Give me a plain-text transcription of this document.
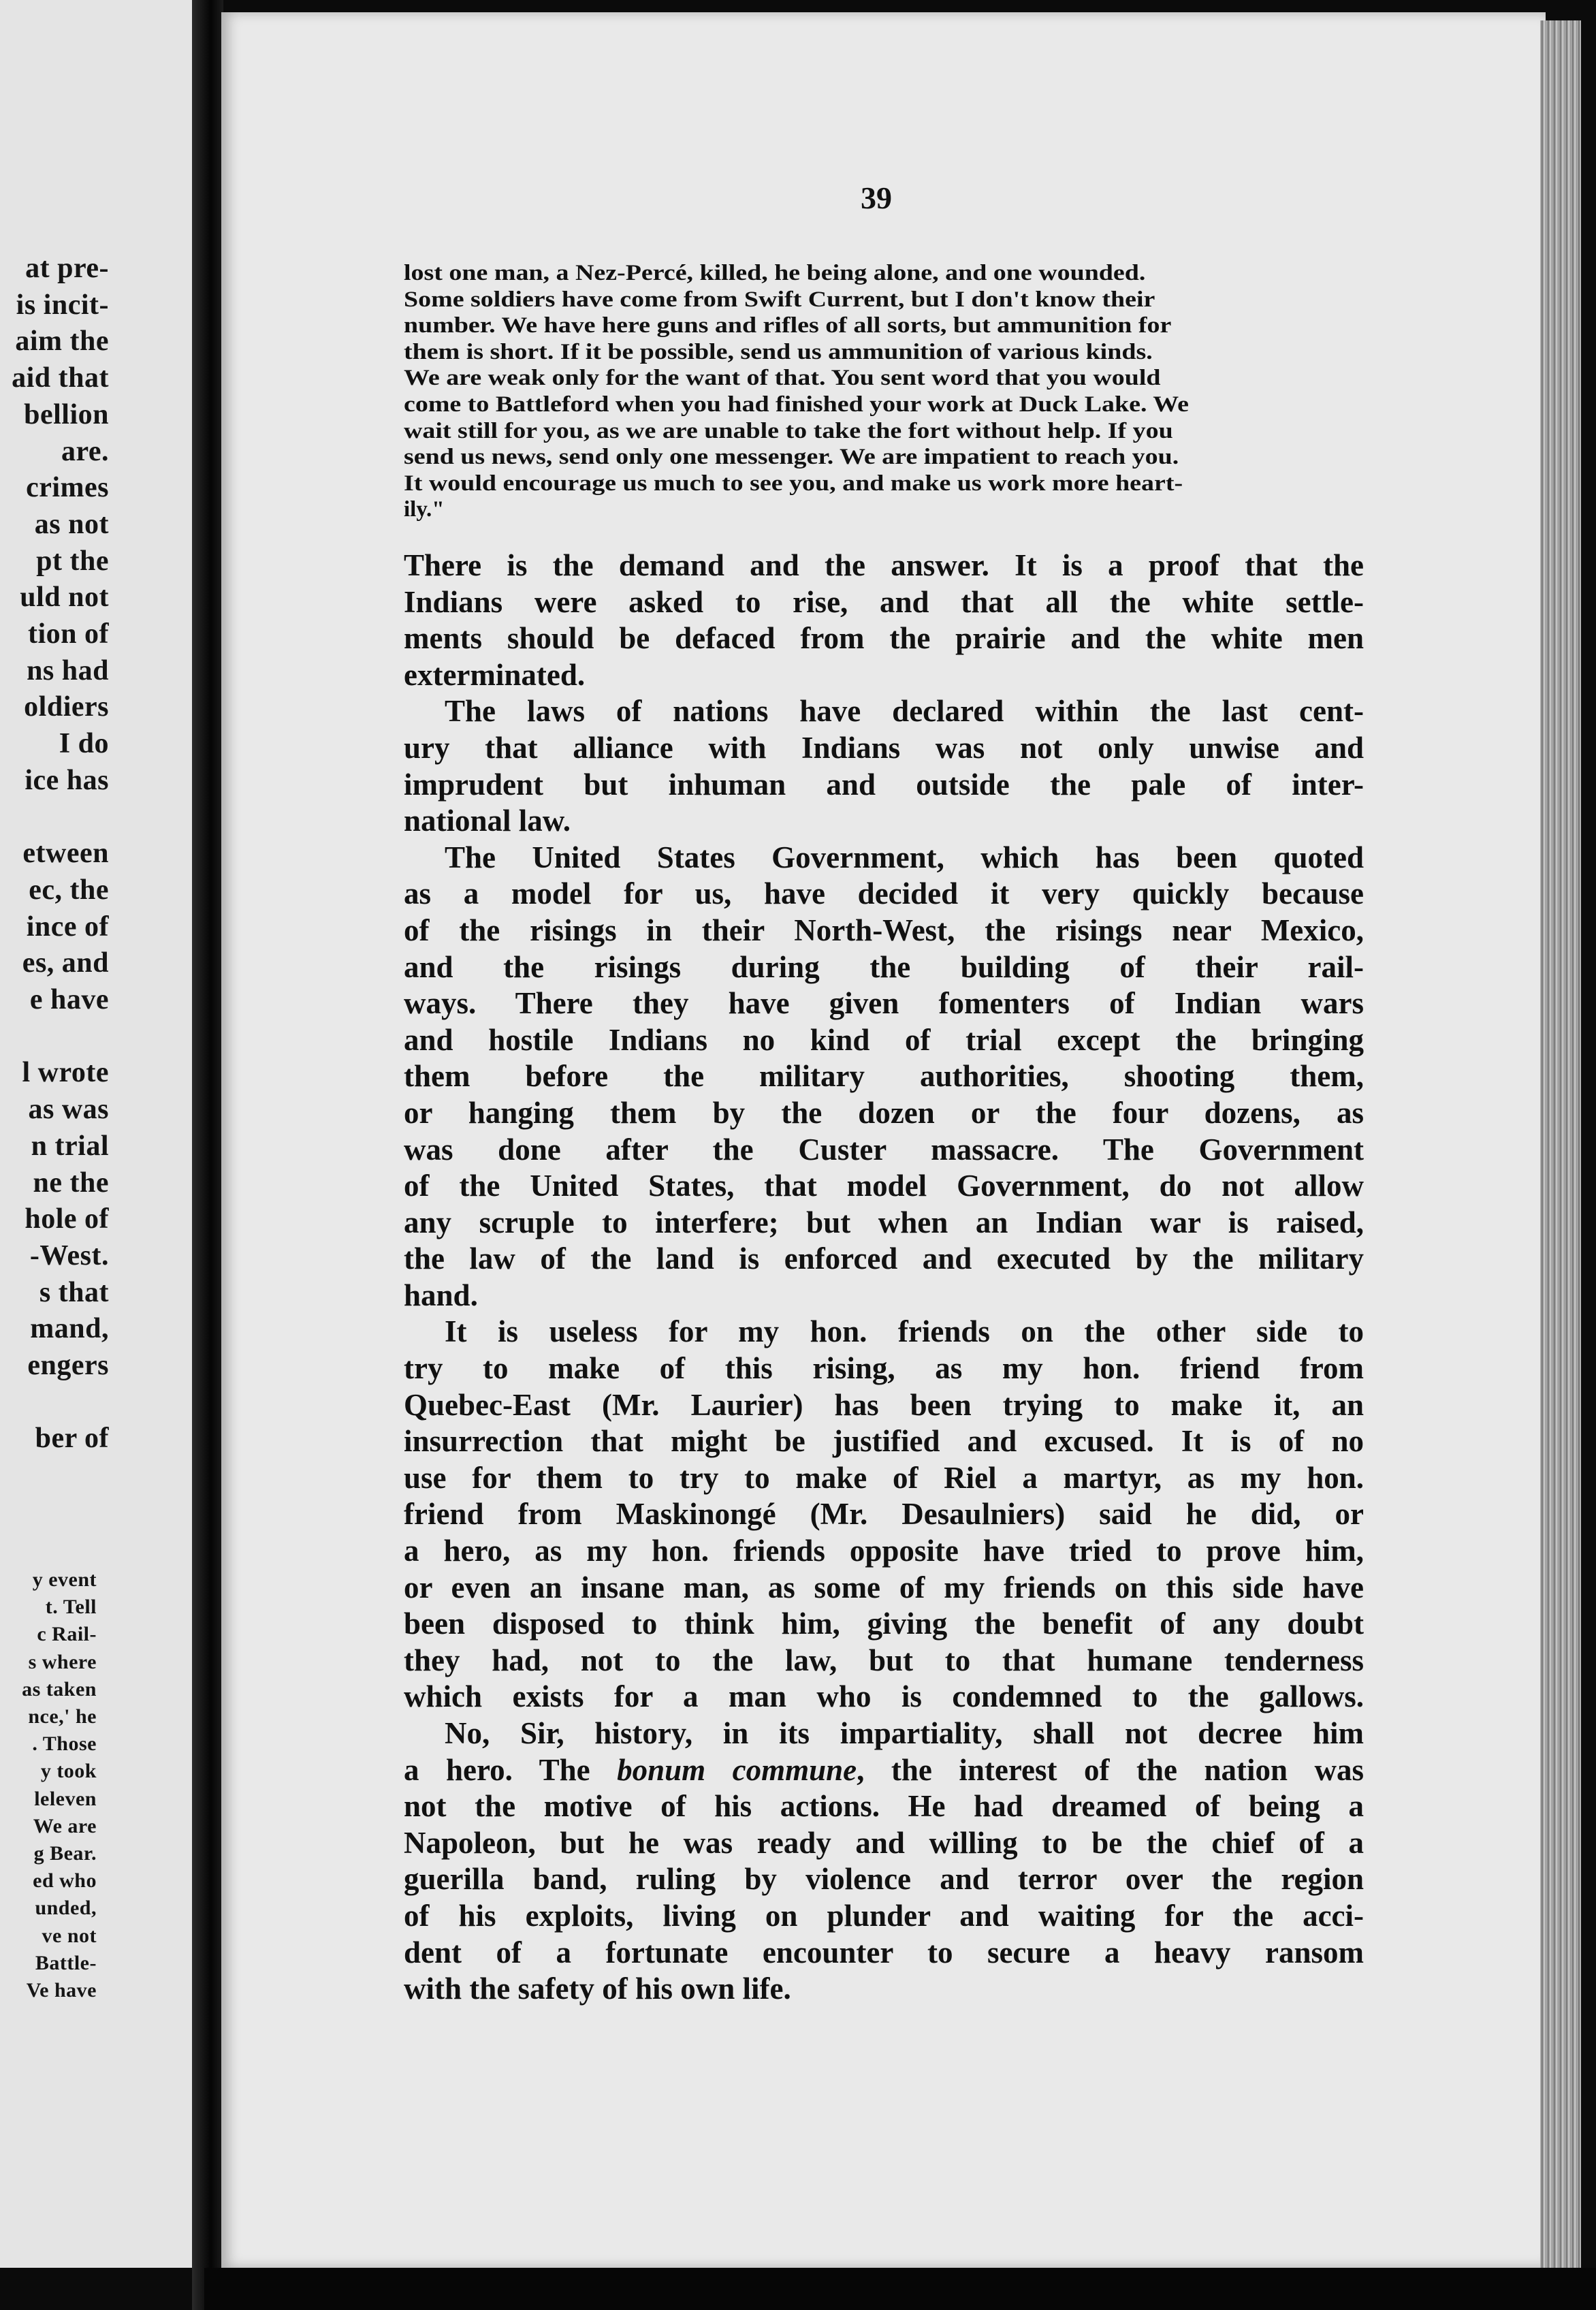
at pre-
is incit-
aim the
aid that
bellion
are.
crimes
as not
pt the
uld not
tion of
ns had
oldiers
I do
ice has
etween
ec, the
ince of
es, and
e have
l wrote
as was
n trial
ne the
hole of
-West.
s that
mand,
engers
ber of
y event
t. Tell
c Rail-
s where
as taken
nce,' he
. Those
y took
leleven
We are
g Bear.
ed who
unded,
ve not
Battle-
Ve have
39
lost one man, a Nez-Percé, killed, he being alone, and one wounded.
Some soldiers have come from Swift Current, but I don't know their
number. We have here guns and rifles of all sorts, but ammunition for
them is short. If it be possible, send us ammunition of various kinds.
We are weak only for the want of that. You sent word that you would
come to Battleford when you had finished your work at Duck Lake. We
wait still for you, as we are unable to take the fort without help. If you
send us news, send only one messenger. We are impatient to reach you.
It would encourage us much to see you, and make us work more heart-
ily."
There is the demand and the answer. It is a proof that the
Indians were asked to rise, and that all the white settle-
ments should be defaced from the prairie and the white men
exterminated.
The laws of nations have declared within the last cent-
ury that alliance with Indians was not only unwise and
imprudent but inhuman and outside the pale of inter-
national law.
The United States Government, which has been quoted
as a model for us, have decided it very quickly because
of the risings in their North-West, the risings near Mexico,
and the risings during the building of their rail-
ways. There they have given fomenters of Indian wars
and hostile Indians no kind of trial except the bringing
them before the military authorities, shooting them,
or hanging them by the dozen or the four dozens, as
was done after the Custer massacre. The Government
of the United States, that model Government, do not allow
any scruple to interfere; but when an Indian war is raised,
the law of the land is enforced and executed by the military
hand.
It is useless for my hon. friends on the other side to
try to make of this rising, as my hon. friend from
Quebec-East (Mr. Laurier) has been trying to make it, an
insurrection that might be justified and excused. It is of no
use for them to try to make of Riel a martyr, as my hon.
friend from Maskinongé (Mr. Desaulniers) said he did, or
a hero, as my hon. friends opposite have tried to prove him,
or even an insane man, as some of my friends on this side have
been disposed to think him, giving the benefit of any doubt
they had, not to the law, but to that humane tenderness
which exists for a man who is condemned to the gallows.
No, Sir, history, in its impartiality, shall not decree him
a hero. The bonum commune, the interest of the nation was
not the motive of his actions. He had dreamed of being a
Napoleon, but he was ready and willing to be the chief of a
guerilla band, ruling by violence and terror over the region
of his exploits, living on plunder and waiting for the acci-
dent of a fortunate encounter to secure a heavy ransom
with the safety of his own life.
